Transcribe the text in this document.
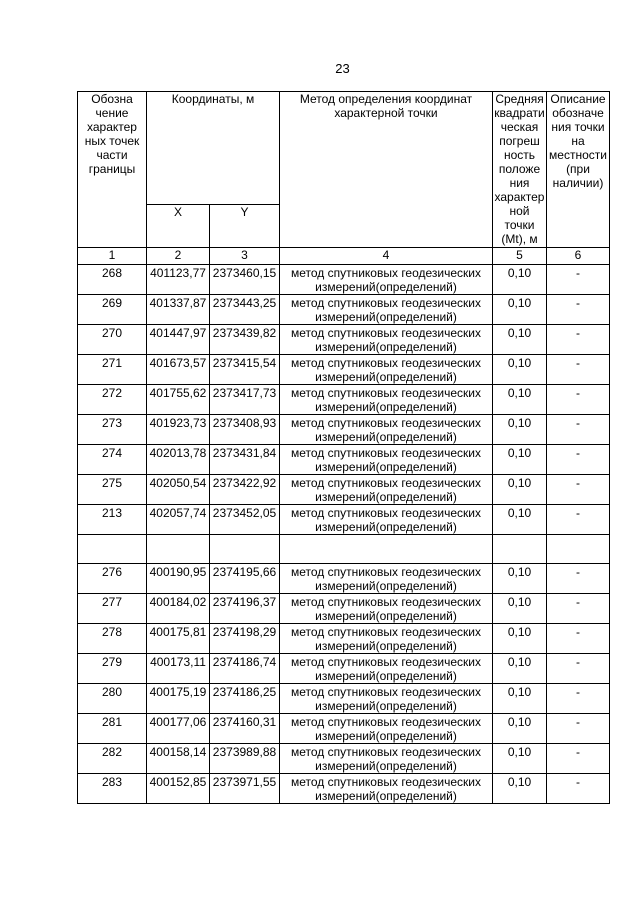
23
Обозна чение характер ных точек части границы	Координаты, м		Метод определения координат характерной точки	Средняя квадрати ческая погреш ность положе ния характер ной точки (Mt), м	Описание обозначе ния точки на местности (при наличии)
	X	Y			
1	2	3	4	5	6
268	401123,77	2373460,15	метод спутниковых геодезических измерений(определений)	0,10	-
269	401337,87	2373443,25	метод спутниковых геодезических измерений(определений)	0,10	-
270	401447,97	2373439,82	метод спутниковых геодезических измерений(определений)	0,10	-
271	401673,57	2373415,54	метод спутниковых геодезических измерений(определений)	0,10	-
272	401755,62	2373417,73	метод спутниковых геодезических измерений(определений)	0,10	-
273	401923,73	2373408,93	метод спутниковых геодезических измерений(определений)	0,10	-
274	402013,78	2373431,84	метод спутниковых геодезических измерений(определений)	0,10	-
275	402050,54	2373422,92	метод спутниковых геодезических измерений(определений)	0,10	-
213	402057,74	2373452,05	метод спутниковых геодезических измерений(определений)	0,10	-

276	400190,95	2374195,66	метод спутниковых геодезических измерений(определений)	0,10	-
277	400184,02	2374196,37	метод спутниковых геодезических измерений(определений)	0,10	-
278	400175,81	2374198,29	метод спутниковых геодезических измерений(определений)	0,10	-
279	400173,11	2374186,74	метод спутниковых геодезических измерений(определений)	0,10	-
280	400175,19	2374186,25	метод спутниковых геодезических измерений(определений)	0,10	-
281	400177,06	2374160,31	метод спутниковых геодезических измерений(определений)	0,10	-
282	400158,14	2373989,88	метод спутниковых геодезических измерений(определений)	0,10	-
283	400152,85	2373971,55	метод спутниковых геодезических измерений(определений)	0,10	-
